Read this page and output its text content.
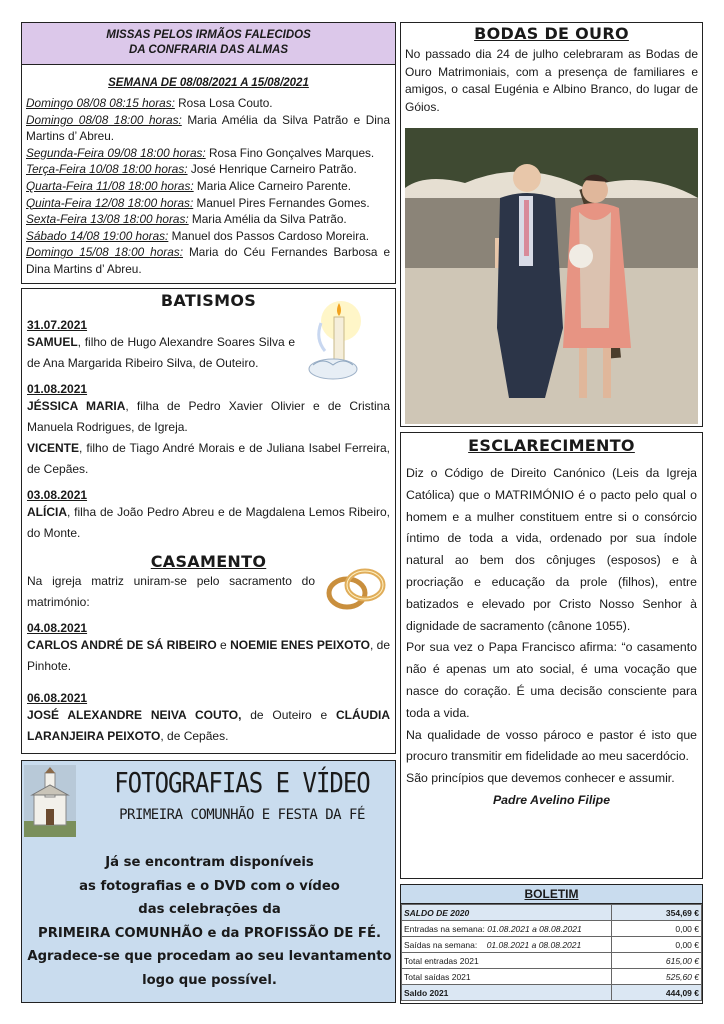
MISSAS PELOS IRMÃOS FALECIDOS
DA CONFRARIA DAS ALMAS
SEMANA DE 08/08/2021 A 15/08/2021
Domingo 08/08 08:15 horas: Rosa Losa Couto.
Domingo 08/08 18:00 horas: Maria Amélia da Silva Patrão e Dina Martins d’ Abreu.
Segunda-Feira 09/08 18:00 horas: Rosa Fino Gonçalves Marques.
Terça-Feira 10/08 18:00 horas: José Henrique Carneiro Patrão.
Quarta-Feira 11/08 18:00 horas: Maria Alice Carneiro Parente.
Quinta-Feira 12/08 18:00 horas: Manuel Pires Fernandes Gomes.
Sexta-Feira 13/08 18:00 horas: Maria Amélia da Silva Patrão.
Sábado 14/08 19:00 horas: Manuel dos Passos Cardoso Moreira.
Domingo 15/08 18:00 horas: Maria do Céu Fernandes Barbosa e Dina Martins d’ Abreu.
BATISMOS
31.07.2021
SAMUEL, filho de Hugo Alexandre Soares Silva e de Ana Margarida Ribeiro Silva, de Outeiro.
01.08.2021
JÉSSICA MARIA, filha de Pedro Xavier Olivier e de Cristina Manuela Rodrigues, de Igreja.
VICENTE, filho de Tiago André Morais e de Juliana Isabel Ferreira, de Cepães.
03.08.2021
ALÍCIA, filha de João Pedro Abreu e de Magdalena Lemos Ribeiro, do Monte.
CASAMENTO
Na igreja matriz uniram-se pelo sacramento do matrimónio:
04.08.2021
CARLOS ANDRÉ DE SÁ RIBEIRO e NOEMIE ENES PEIXOTO, de Pinhote.
06.08.2021
JOSÉ ALEXANDRE NEIVA COUTO, de Outeiro e CLÁUDIA LARANJEIRA PEIXOTO, de Cepães.
FOTOGRAFIAS E VÍDEO
PRIMEIRA COMUNHÃO E FESTA DA FÉ
Já se encontram disponíveis
as fotografias e o DVD com o vídeo
das celebrações da
PRIMEIRA COMUNHÃO e da PROFISSÃO DE FÉ.
Agradece-se que procedam ao seu levantamento
logo que possível.
BODAS DE OURO

No passado dia 24 de julho celebraram as Bodas de Ouro Matrimoniais, com a presença de familiares e amigos, o casal Eugénia e Albino Branco, do lugar de Góios.

ESCLARECIMENTO

Diz o Código de Direito Canónico (Leis da Igreja Católica) que o MATRIMÓNIO é o pacto pelo qual o homem e a mulher constituem entre si o consórcio íntimo de toda a vida, ordenado por sua índole natural ao bem dos cônjuges (esposos) e à procriação e educação da prole (filhos), entre batizados e elevado por Cristo Nosso Senhor à dignidade de sacramento (cânone 1055).

Por sua vez o Papa Francisco afirma: “o casamento não é apenas um ato social, é uma vocação que nasce do coração. É uma decisão consciente para toda a vida.

Na qualidade de vosso pároco e pastor é isto que procuro transmitir em fidelidade ao meu sacerdócio.

São princípios que devemos conhecer e assumir.

Padre Avelino Filipe

BOLETIM
SALDO DE 2020	354,69 €
Entradas na semana: 01.08.2021 a 08.08.2021	0,00 €
Saídas na semana: 01.08.2021 a 08.08.2021	0,00 €
Total entradas 2021	615,00 €
Total saídas 2021	525,60 €
Saldo 2021	444,09 €
